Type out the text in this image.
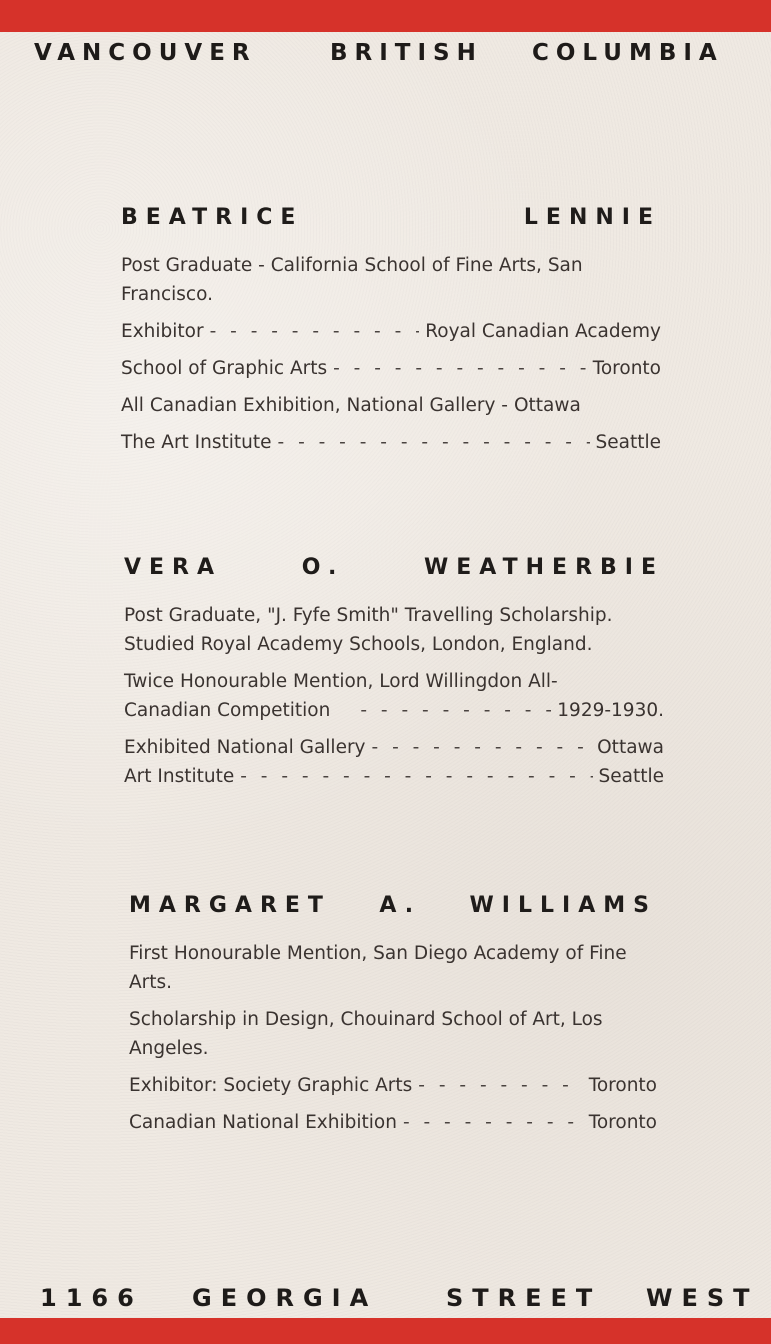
VANCOUVER	BRITISH COLUMBIA
BEATRICE	LENNIE
Post Graduate - California School of Fine Arts, San Francisco.
Exhibitor - - -	Royal Canadian Academy
School of Graphic Arts - - -	Toronto
All Canadian Exhibition, National Gallery - Ottawa
The Art Institute - - -	Seattle
VERA	O.	WEATHERBIE
Post Graduate, "J. Fyfe Smith" Travelling Scholarship. Studied Royal Academy Schools, London, England.
Twice Honourable Mention, Lord Willingdon All-
Canadian Competition - - -	1929-1930.
Exhibited National Gallery - - -	Ottawa
Art Institute - - -	Seattle
MARGARET A. WILLIAMS
First Honourable Mention, San Diego Academy of Fine Arts.
Scholarship in Design, Chouinard School of Art, Los Angeles.
Exhibitor: Society Graphic Arts - - -	Toronto
Canadian National Exhibition - - -	Toronto
1166 GEORGIA	STREET WEST
